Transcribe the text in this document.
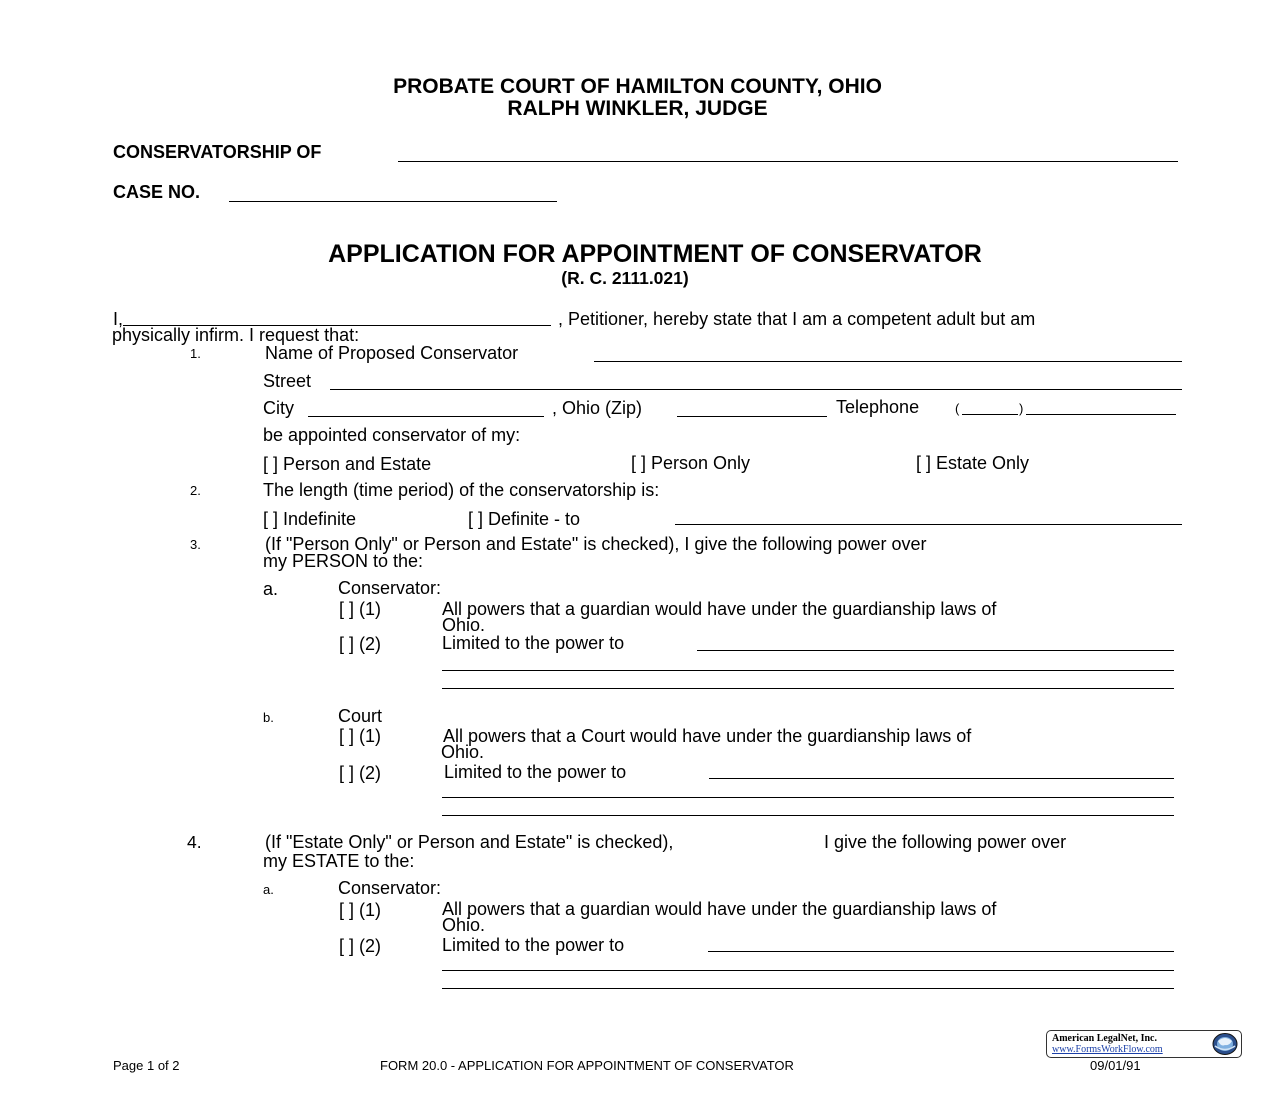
PROBATE COURT OF HAMILTON COUNTY, OHIO
RALPH WINKLER, JUDGE
CONSERVATORSHIP OF
CASE NO.
APPLICATION FOR APPOINTMENT OF CONSERVATOR
(R. C. 2111.021)
I,	, Petitioner, hereby state that I am a competent adult but am
physically infirm. I request that:
1.	Name of Proposed Conservator
Street
City	, Ohio (Zip)	Telephone	(	)
be appointed conservator of my:
[ ] Person and Estate	[ ] Person Only	[ ] Estate Only
2.	The length (time period) of the conservatorship is:
[ ] Indefinite	[ ] Definite - to
3.	(If "Person Only" or Person and Estate" is checked), I give the following power over
my PERSON to the:
a.	Conservator:
[ ] (1)	All powers that a guardian would have under the guardianship laws of
Ohio.
[ ] (2)	Limited to the power to
b.	Court
[ ] (1)	All powers that a Court would have under the guardianship laws of
Ohio.
[ ] (2)	Limited to the power to
4.	(If "Estate Only" or Person and Estate" is checked),	I give the following power over
my ESTATE to the:
a.	Conservator:
[ ] (1)	All powers that a guardian would have under the guardianship laws of
Ohio.
[ ] (2)	Limited to the power to
American LegalNet, Inc.
www.FormsWorkFlow.com
Page 1 of 2	FORM 20.0 - APPLICATION FOR APPOINTMENT OF CONSERVATOR	09/01/91
